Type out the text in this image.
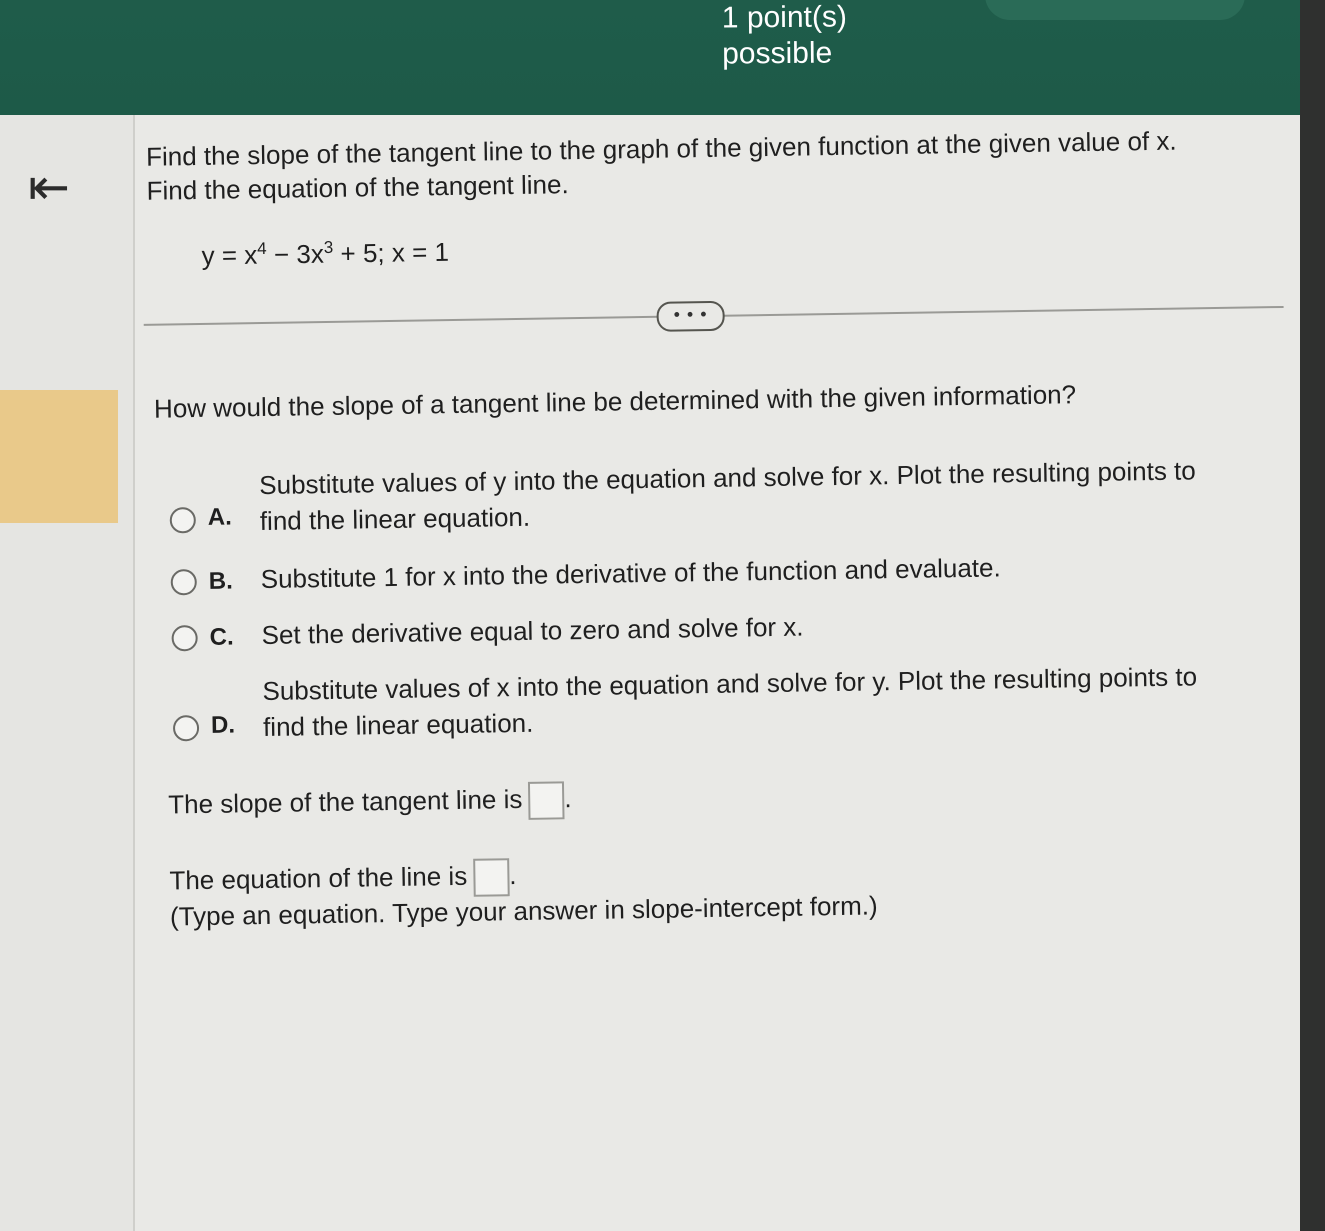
1 point(s)
possible
⇤
Find the slope of the tangent line to the graph of the given function at the given value of x.
Find the equation of the tangent line.
$y = x^4 - 3x^3 + 5$; x = 1
• • •
How would the slope of a tangent line be determined with the given information?
A.
Substitute values of y into the equation and solve for x. Plot the resulting points to
find the linear equation.
B. Substitute 1 for x into the derivative of the function and evaluate.
C. Set the derivative equal to zero and solve for x.
D.
Substitute values of x into the equation and solve for y. Plot the resulting points to
find the linear equation.
The slope of the tangent line is .
The equation of the line is .
(Type an equation. Type your answer in slope-intercept form.)
